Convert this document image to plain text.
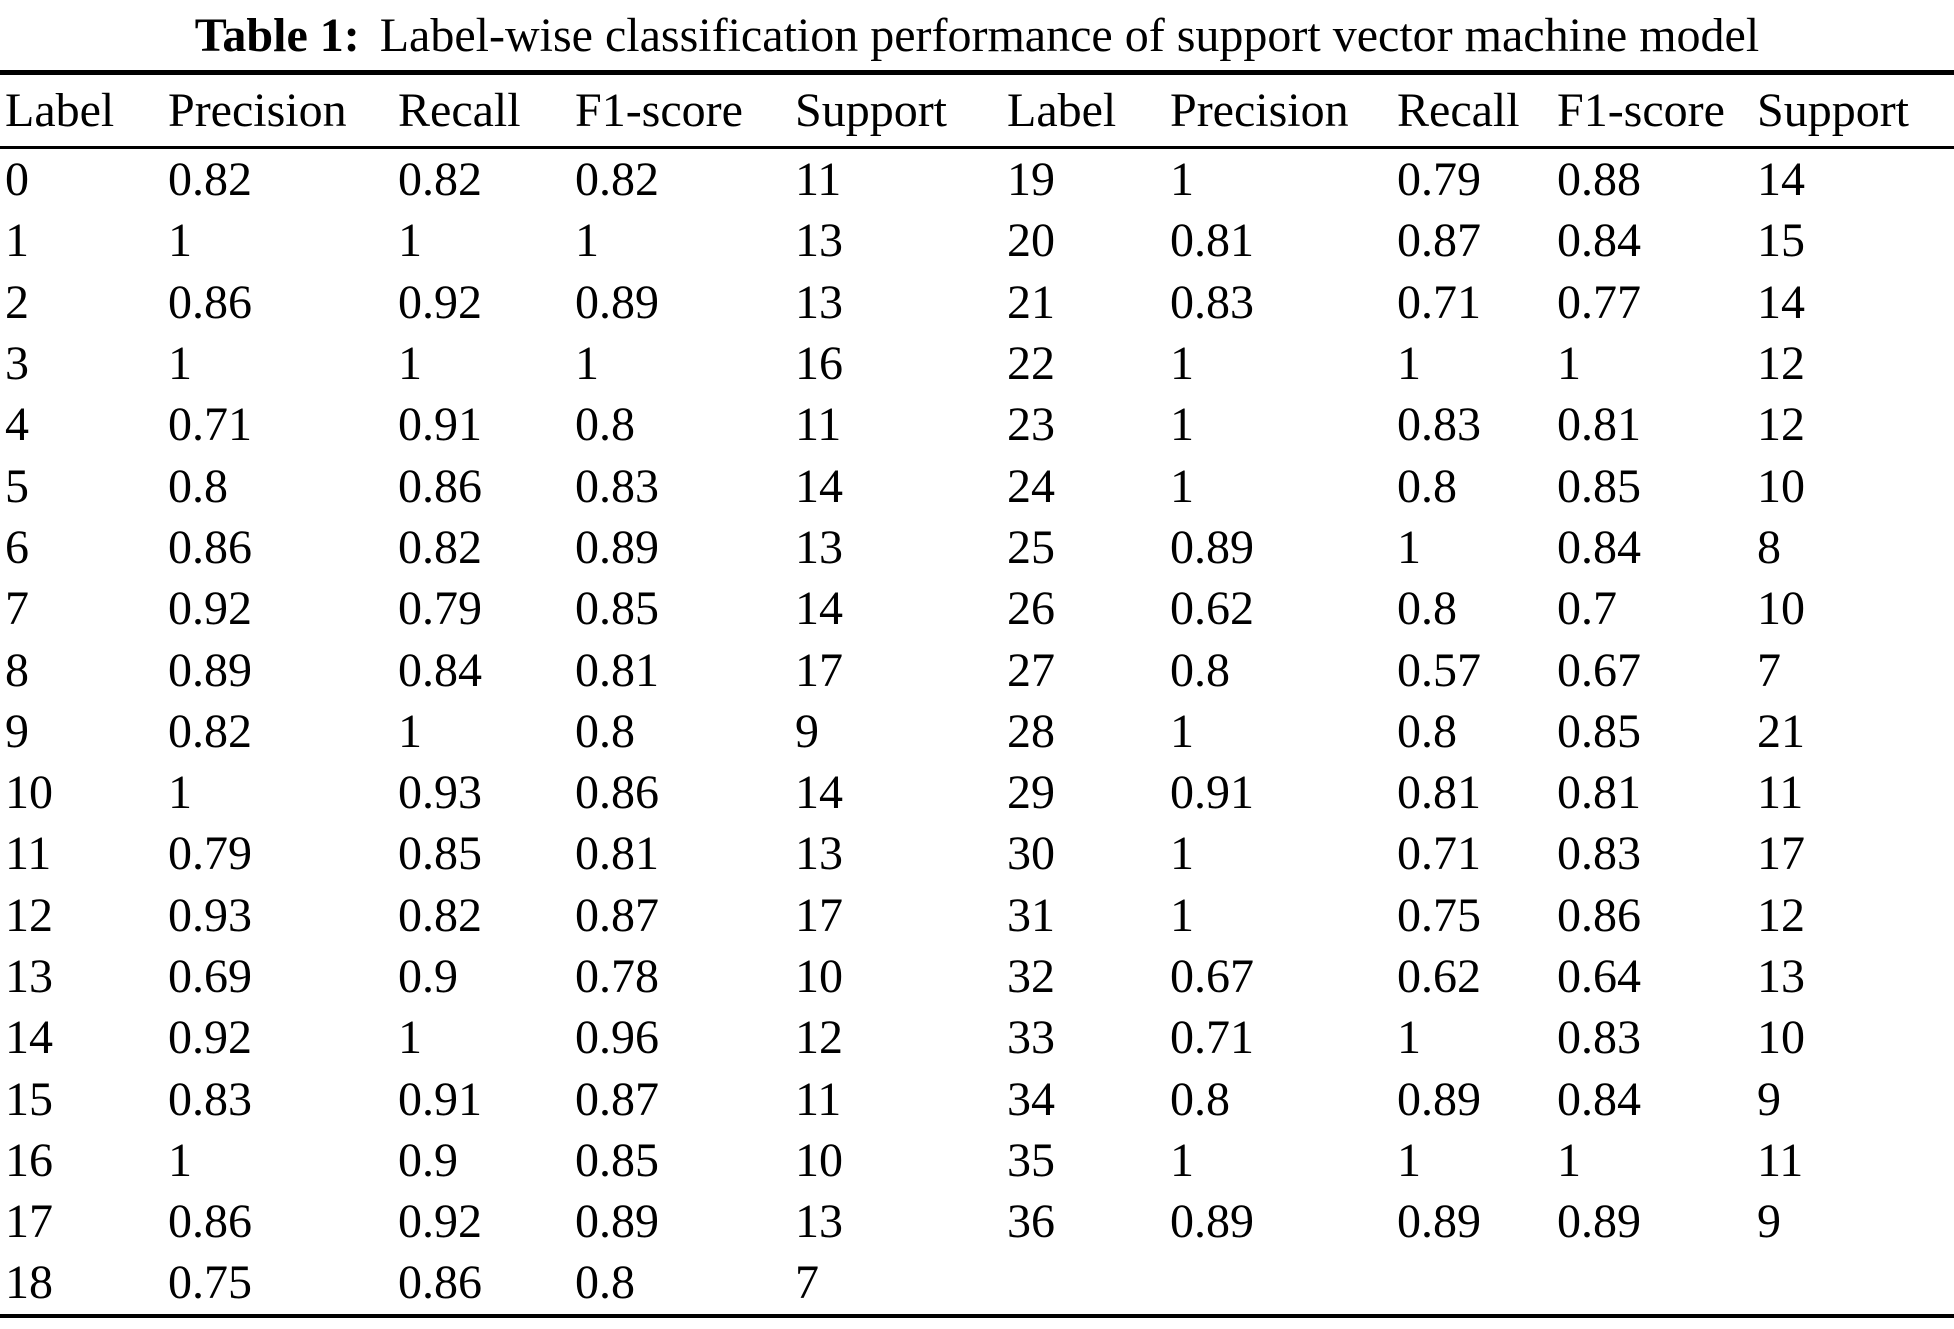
Table 1: Label-wise classification performance of support vector machine model
Label	Precision	Recall	F1-score	Support	Label	Precision	Recall	F1-score	Support
0	0.82	0.82	0.82	11	19	1	0.79	0.88	14
1	1	1	1	13	20	0.81	0.87	0.84	15
2	0.86	0.92	0.89	13	21	0.83	0.71	0.77	14
3	1	1	1	16	22	1	1	1	12
4	0.71	0.91	0.8	11	23	1	0.83	0.81	12
5	0.8	0.86	0.83	14	24	1	0.8	0.85	10
6	0.86	0.82	0.89	13	25	0.89	1	0.84	8
7	0.92	0.79	0.85	14	26	0.62	0.8	0.7	10
8	0.89	0.84	0.81	17	27	0.8	0.57	0.67	7
9	0.82	1	0.8	9	28	1	0.8	0.85	21
10	1	0.93	0.86	14	29	0.91	0.81	0.81	11
11	0.79	0.85	0.81	13	30	1	0.71	0.83	17
12	0.93	0.82	0.87	17	31	1	0.75	0.86	12
13	0.69	0.9	0.78	10	32	0.67	0.62	0.64	13
14	0.92	1	0.96	12	33	0.71	1	0.83	10
15	0.83	0.91	0.87	11	34	0.8	0.89	0.84	9
16	1	0.9	0.85	10	35	1	1	1	11
17	0.86	0.92	0.89	13	36	0.89	0.89	0.89	9
18	0.75	0.86	0.8	7					
